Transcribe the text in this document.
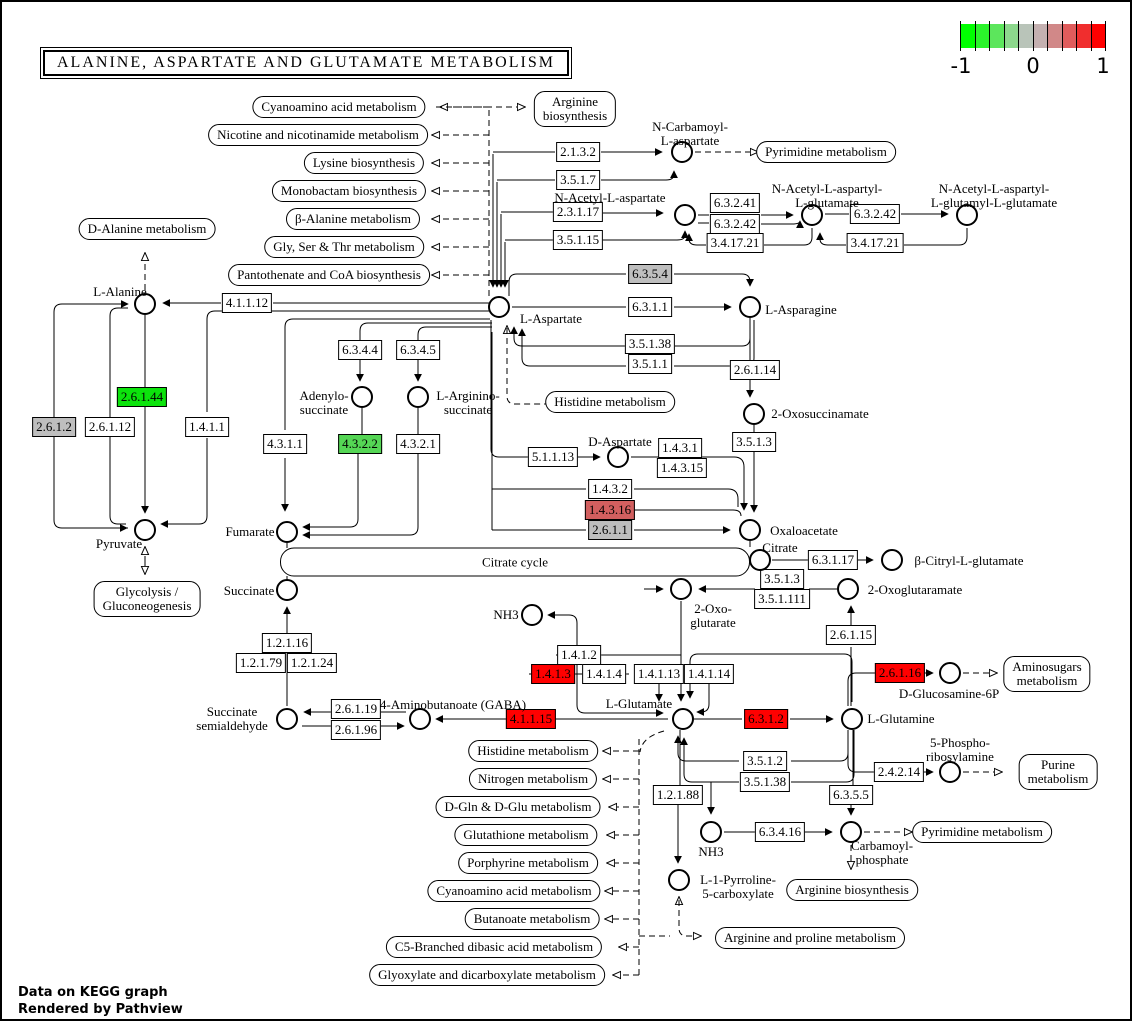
2.1.3.2
3.5.1.7
2.3.1.17
3.5.1.15
6.3.2.41
6.3.2.42
3.4.17.21
6.3.2.42
3.4.17.21
4.1.1.12
2.6.1.44
2.6.1.2	2.6.1.12	1.4.1.1
6.3.4.4	6.3.4.5
4.3.1.1	4.3.2.2	4.3.2.1
6.3.5.4
6.3.1.1
3.5.1.38
3.5.1.1	2.6.1.14
3.5.1.3
5.1.1.13
1.4.3.1
1.4.3.15
1.4.3.2
1.4.3.16
2.6.1.1
6.3.1.17
3.5.1.3
3.5.1.111
2.6.1.15
1.2.1.16
1.2.1.79 1.2.1.24
1.4.1.2
1.4.1.3	1.4.1.4	1.4.1.13 1.4.1.14
2.6.1.19
2.6.1.96
4.1.1.15	6.3.1.2
2.6.1.16
2.4.2.14
3.5.1.2
3.5.1.38
1.2.1.88	6.3.5.5
6.3.4.16
Cyanoamino acid metabolism
Nicotine and nicotinamide metabolism
Lysine biosynthesis
Monobactam biosynthesis
β-Alanine metabolism
Gly, Ser & Thr metabolism
Pantothenate and CoA biosynthesis
Arginine
biosynthesis
Pyrimidine metabolism
D-Alanine metabolism
Histidine metabolism
Glycolysis /
Gluconeogenesis
Citrate cycle
Aminosugars
metabolism
Purine metabolism
Histidine metabolism
Nitrogen metabolism
D-Gln & D-Glu metabolism
Glutathione metabolism
Porphyrine metabolism
Cyanoamino acid metabolism
Butanoate metabolism
C5-Branched dibasic acid metabolism
Glyoxylate and dicarboxylate metabolism
Arginine and proline metabolism
Arginine biosynthesis
Pyrimidine metabolism
L-Alanine
N-Carbamoyl-
L-aspartate
N-Acetyl-L-aspartate
N-Acetyl-L-aspartyl-
L-glutamate
N-Acetyl-L-aspartyl-
L-glutamyl-L-glutamate
L-Aspartate
L-Asparagine
Adenylo-
succinate
L-Arginino-
succinate	2-Oxosuccinamate
D-Aspartate
Oxaloacetate
Pyruvate
Fumarate
Citrate
β-Citryl-L-glutamate
2-Oxoglutaramate
2-Oxo-
glutarate
Succinate
NH3
Succinate
semialdehyde
4-Aminobutanoate (GABA)	L-Glutamate
L-Glutamine
D-Glucosamine-6P
5-Phospho-
ribosylamine
NH3	Carbamoyl-
phosphate
L-1-Pyrroline-
5-carboxylate
ALANINE, ASPARTATE AND GLUTAMATE METABOLISM	-1	0	1
Data on KEGG graph
Rendered by Pathview
